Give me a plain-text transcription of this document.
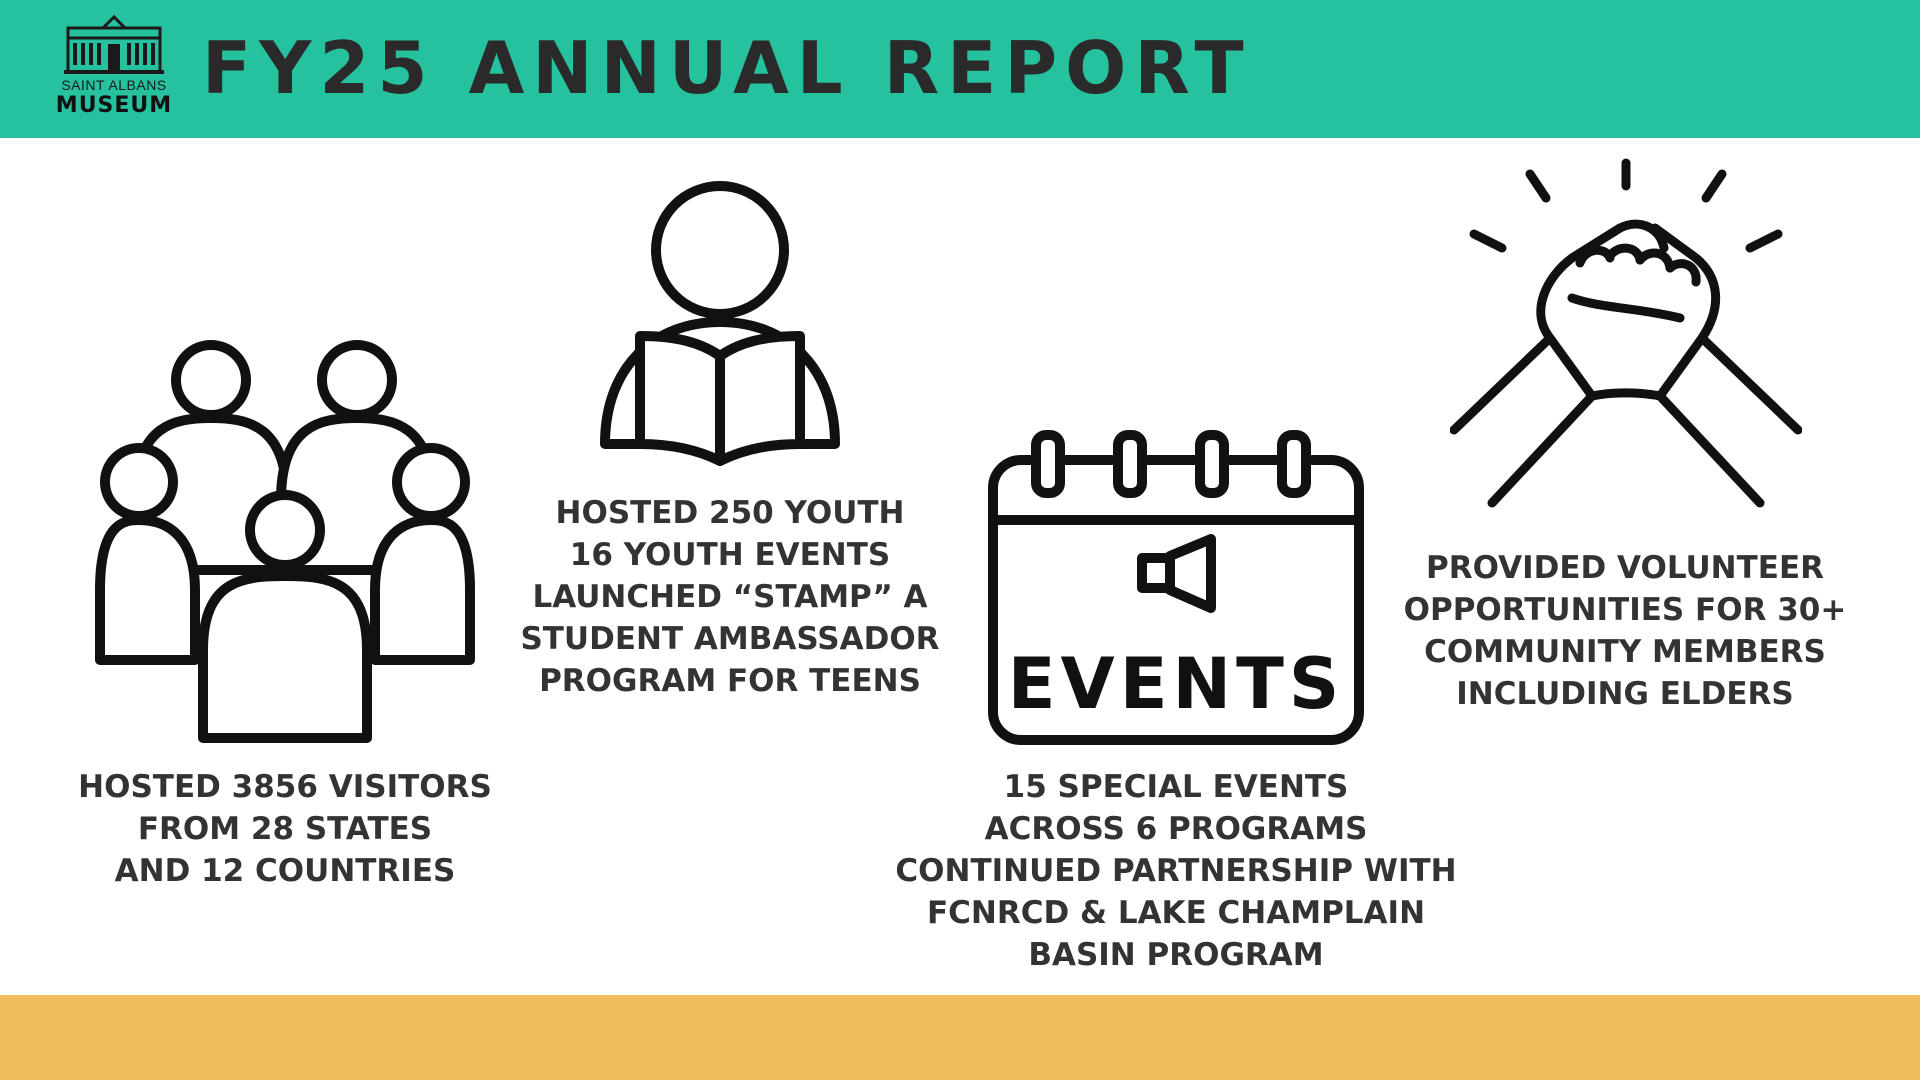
SAINT ALBANS
MUSEUM FY25 ANNUAL REPORT
EVENTS
HOSTED 3856 VISITORS
FROM 28 STATES
AND 12 COUNTRIES
HOSTED 250 YOUTH
16 YOUTH EVENTS
LAUNCHED “STAMP” A
STUDENT AMBASSADOR
PROGRAM FOR TEENS
15 SPECIAL EVENTS
ACROSS 6 PROGRAMS
CONTINUED PARTNERSHIP WITH
FCNRCD & LAKE CHAMPLAIN
BASIN PROGRAM
PROVIDED VOLUNTEER
OPPORTUNITIES FOR 30+
COMMUNITY MEMBERS
INCLUDING ELDERS
